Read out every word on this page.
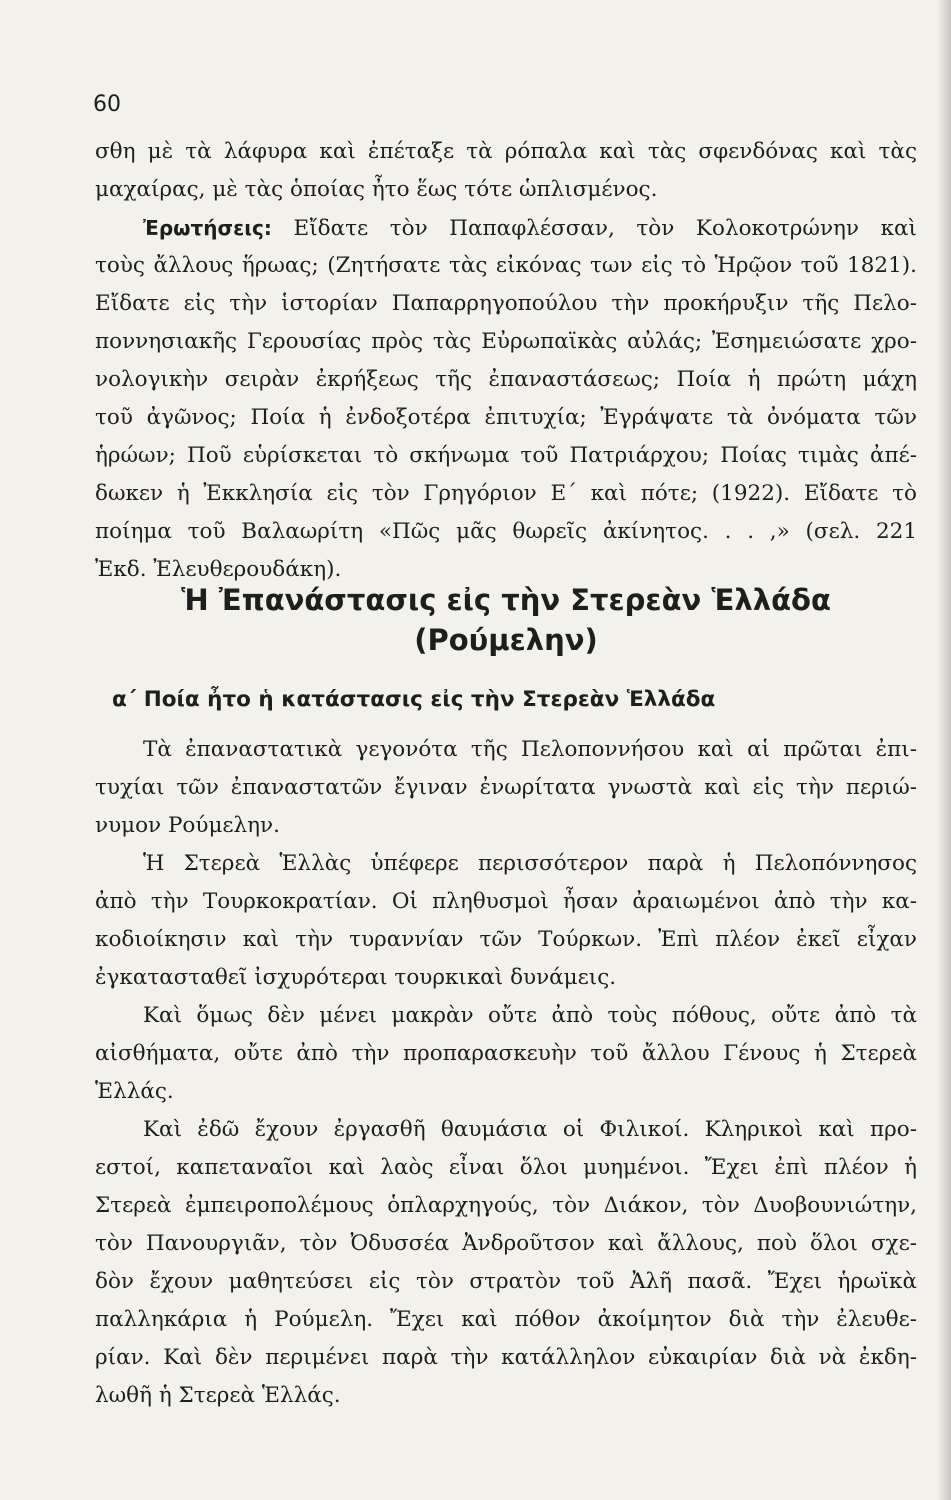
60
σθη μὲ τὰ λάφυρα καὶ ἐπέταξε τὰ ρόπαλα καὶ τὰς σφενδόνας καὶ τὰς
μαχαίρας, μὲ τὰς ὁποίας ἦτο ἕως τότε ὡπλισμένος.
Ἐρωτήσεις: Εἴδατε τὸν Παπαφλέσσαν, τὸν Κολοκοτρώνην καὶ
τοὺς ἄλλους ἥρωας; (Ζητήσατε τὰς εἰκόνας των εἰς τὸ Ἡρῷον τοῦ 1821).
Εἴδατε εἰς τὴν ἱστορίαν Παπαρρηγοπούλου τὴν προκήρυξιν τῆς Πελο-
ποννησιακῆς Γερουσίας πρὸς τὰς Εὐρωπαϊκὰς αὐλάς; Ἐσημειώσατε χρο-
νολογικὴν σειρὰν ἐκρήξεως τῆς ἐπαναστάσεως; Ποία ἡ πρώτη μάχη
τοῦ ἀγῶνος; Ποία ἡ ἐνδοξοτέρα ἐπιτυχία; Ἐγράψατε τὰ ὀνόματα τῶν
ἡρώων; Ποῦ εὑρίσκεται τὸ σκήνωμα τοῦ Πατριάρχου; Ποίας τιμὰς ἀπέ-
δωκεν ἡ Ἐκκλησία εἰς τὸν Γρηγόριον Ε΄ καὶ πότε; (1922). Εἴδατε τὸ
ποίημα τοῦ Βαλαωρίτη «Πῶς μᾶς θωρεῖς ἀκίνητος. . . ,» (σελ. 221
Ἐκδ. Ἐλευθερουδάκη).
Ἡ Ἐπανάστασις εἰς τὴν Στερεὰν Ἑλλάδα
(Ρούμελην)
α΄ Ποία ἦτο ἡ κατάστασις εἰς τὴν Στερεὰν Ἑλλάδα
Τὰ ἐπαναστατικὰ γεγονότα τῆς Πελοποννήσου καὶ αἱ πρῶται ἐπι-
τυχίαι τῶν ἐπαναστατῶν ἔγιναν ἐνωρίτατα γνωστὰ καὶ εἰς τὴν περιώ-
νυμον Ρούμελην.
Ἡ Στερεὰ Ἑλλὰς ὑπέφερε περισσότερον παρὰ ἡ Πελοπόννησος
ἀπὸ τὴν Τουρκοκρατίαν. Οἱ πληθυσμοὶ ἦσαν ἀραιωμένοι ἀπὸ τὴν κα-
κοδιοίκησιν καὶ τὴν τυραννίαν τῶν Τούρκων. Ἐπὶ πλέον ἐκεῖ εἶχαν
ἐγκατασταθεῖ ἰσχυρότεραι τουρκικαὶ δυνάμεις.
Καὶ ὅμως δὲν μένει μακρὰν οὔτε ἀπὸ τοὺς πόθους, οὔτε ἀπὸ τὰ
αἰσθήματα, οὔτε ἀπὸ τὴν προπαρασκευὴν τοῦ ἄλλου Γένους ἡ Στερεὰ
Ἑλλάς.
Καὶ ἐδῶ ἔχουν ἐργασθῆ θαυμάσια οἱ Φιλικοί. Κληρικοὶ καὶ προ-
εστοί, καπεταναῖοι καὶ λαὸς εἶναι ὅλοι μυημένοι. Ἔχει ἐπὶ πλέον ἡ
Στερεὰ ἐμπειροπολέμους ὁπλαρχηγούς, τὸν Διάκον, τὸν Δυοβουνιώτην,
τὸν Πανουργιᾶν, τὸν Ὀδυσσέα Ἀνδροῦτσον καὶ ἄλλους, ποὺ ὅλοι σχε-
δὸν ἔχουν μαθητεύσει εἰς τὸν στρατὸν τοῦ Ἀλῆ πασᾶ. Ἔχει ἡρωϊκὰ
παλληκάρια ἡ Ρούμελη. Ἔχει καὶ πόθον ἀκοίμητον διὰ τὴν ἐλευθε-
ρίαν. Καὶ δὲν περιμένει παρὰ τὴν κατάλληλον εὐκαιρίαν διὰ νὰ ἐκδη-
λωθῆ ἡ Στερεὰ Ἑλλάς.
